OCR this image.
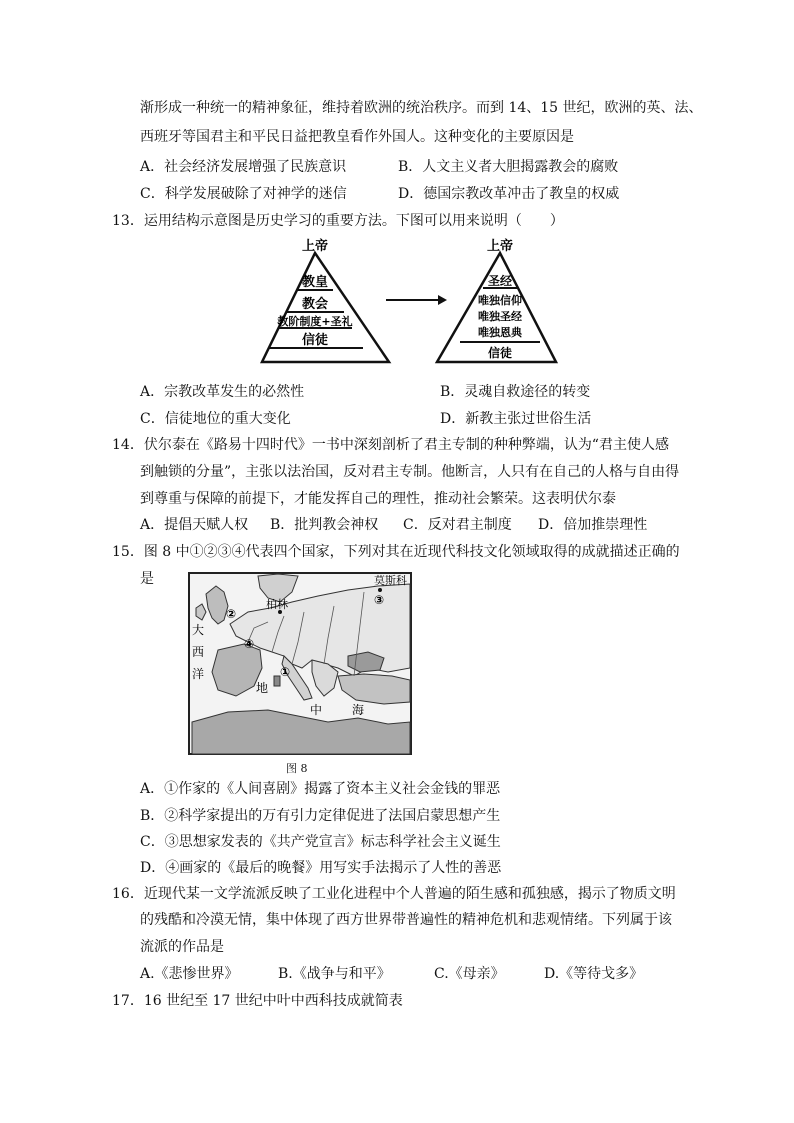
渐形成一种统一的精神象征，维持着欧洲的统治秩序。而到 14、15 世纪，欧洲的英、法、
西班牙等国君主和平民日益把教皇看作外国人。这种变化的主要原因是
A．社会经济发展增强了民族意识	B．人文主义者大胆揭露教会的腐败
C．科学发展破除了对神学的迷信	D．德国宗教改革冲击了教皇的权威
13．运用结构示意图是历史学习的重要方法。下图可以用来说明（　　）
上帝
教皇
教会
教阶制度+圣礼
信徒
上帝
圣经
唯独信仰
唯独圣经
唯独恩典
信徒
A．宗教改革发生的必然性	B．灵魂自救途径的转变
C．信徒地位的重大变化	D．新教主张过世俗生活
14．伏尔泰在《路易十四时代》一书中深刻剖析了君主专制的种种弊端，认为“君主使人感
到触锁的分量”，主张以法治国，反对君主专制。他断言，人只有在自己的人格与自由得
到尊重与保障的前提下，才能发挥自己的理性，推动社会繁荣。这表明伏尔泰
A．提倡天赋人权 B．批判教会神权 C．反对君主制度 D．倍加推崇理性
15．图 8 中①②③④代表四个国家，下列对其在近现代科技文化领域取得的成就描述正确的
是
柏林
莫斯科
②
③
④
①
大
西
洋
地
中 海
图 8
A．①作家的《人间喜剧》揭露了资本主义社会金钱的罪恶
B．②科学家提出的万有引力定律促进了法国启蒙思想产生
C．③思想家发表的《共产党宣言》标志科学社会主义诞生
D．④画家的《最后的晚餐》用写实手法揭示了人性的善恶
16．近现代某一文学流派反映了工业化进程中个人普遍的陌生感和孤独感，揭示了物质文明
的残酷和冷漠无情，集中体现了西方世界带普遍性的精神危机和悲观情绪。下列属于该
流派的作品是
A.《悲惨世界》	B.《战争与和平》	C.《母亲》	D.《等待戈多》
17．16 世纪至 17 世纪中叶中西科技成就简表
